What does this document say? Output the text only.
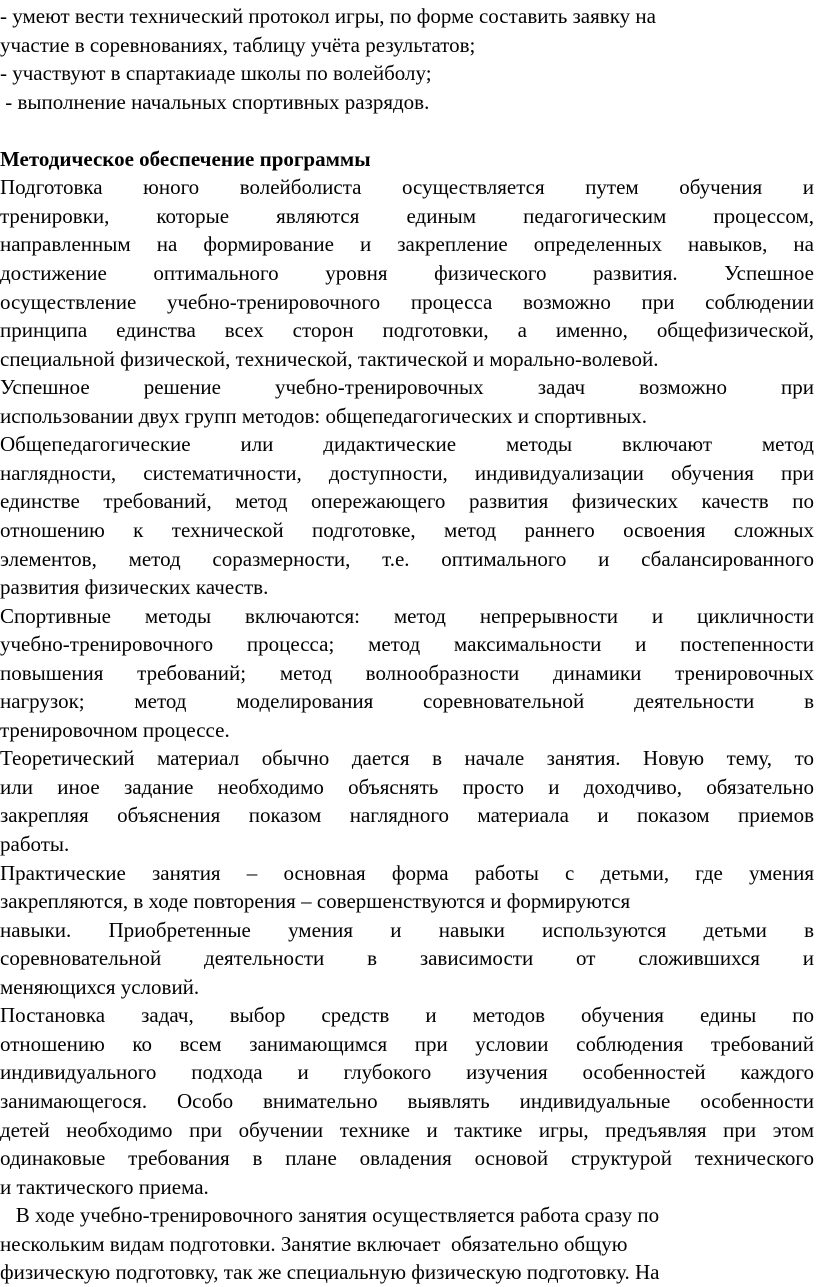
- умеют вести технический протокол игры, по форме составить заявку на
участие в соревнованиях, таблицу учёта результатов;
- участвуют в спартакиаде школы по волейболу;
- выполнение начальных спортивных разрядов.
Методическое обеспечение программы
Подготовка юного волейболиста осуществляется путем обучения и
тренировки, которые являются единым педагогическим процессом,
направленным на формирование и закрепление определенных навыков, на
достижение оптимального уровня физического развития. Успешное
осуществление учебно-тренировочного процесса возможно при соблюдении
принципа единства всех сторон подготовки, а именно, общефизической,
специальной физической, технической, тактической и морально-волевой.
Успешное решение учебно-тренировочных задач возможно при
использовании двух групп методов: общепедагогических и спортивных.
Общепедагогические или дидактические методы включают метод
наглядности, систематичности, доступности, индивидуализации обучения при
единстве требований, метод опережающего развития физических качеств по
отношению к технической подготовке, метод раннего освоения сложных
элементов, метод соразмерности, т.е. оптимального и сбалансированного
развития физических качеств.
Спортивные методы включаются: метод непрерывности и цикличности
учебно-тренировочного процесса; метод максимальности и постепенности
повышения требований; метод волнообразности динамики тренировочных
нагрузок; метод моделирования соревновательной деятельности в
тренировочном процессе.
Теоретический материал обычно дается в начале занятия. Новую тему, то
или иное задание необходимо объяснять просто и доходчиво, обязательно
закрепляя объяснения показом наглядного материала и показом приемов
работы.
Практические занятия – основная форма работы с детьми, где умения
закрепляются, в ходе повторения – совершенствуются и формируются
навыки. Приобретенные умения и навыки используются детьми в
соревновательной деятельности в зависимости от сложившихся и
меняющихся условий.
Постановка задач, выбор средств и методов обучения едины по
отношению ко всем занимающимся при условии соблюдения требований
индивидуального подхода и глубокого изучения особенностей каждого
занимающегося. Особо внимательно выявлять индивидуальные особенности
детей необходимо при обучении технике и тактике игры, предъявляя при этом
одинаковые требования в плане овладения основой структурой технического
и тактического приема.
В ходе учебно-тренировочного занятия осуществляется работа сразу по
нескольким видам подготовки. Занятие включает  обязательно общую
физическую подготовку, так же специальную физическую подготовку. На
